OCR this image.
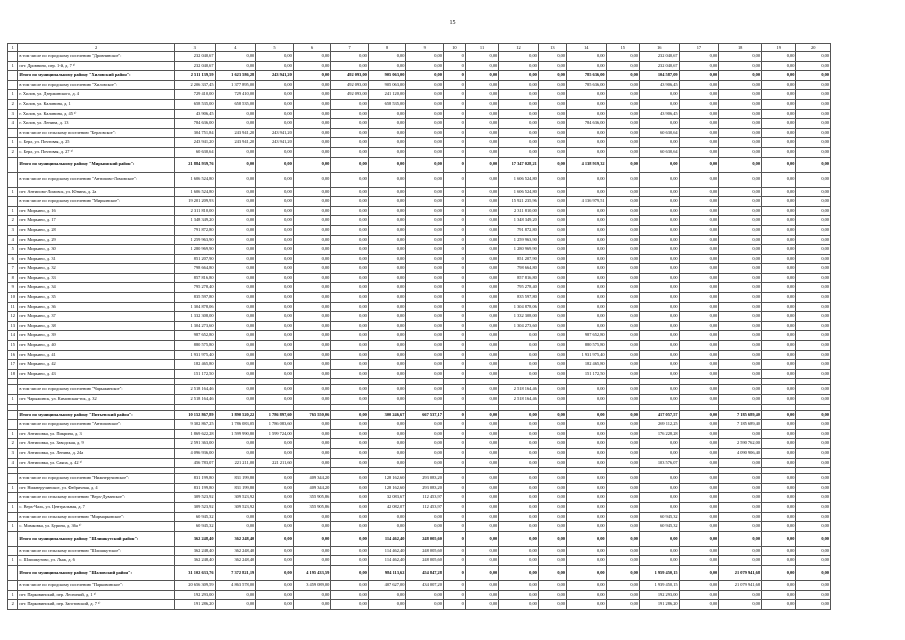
15
1	2	3	4	5	6	7	8	9	10	11	12	13	14	15	16	17	18	19	20
	в том числе по городскому поселению "Дровнинское":	232 040,67	0,00	0,00	0,00	0,00	0,00	0,00	0	0,00	0,00	0,00	0,00	0,00	232 040,67	0,00	0,00	0,00	0,00
1	пгт. Дровнино, пер. 1-й, д. 7 ¹⁾	232 040,67	0,00	0,00	0,00	0,00	0,00	0,00	0	0,00	0,00	0,00	0,00	0,00	232 040,67	0,00	0,00	0,00	0,00
	Итого по муниципальному району "Хиловский район":	2 511 139,59	1 623 586,28	243 941,20	0,00	492 093,00	905 063,00	0,00	0	0,00	0,00	0,00	785 636,00	0,00	104 587,09	0,00	0,00	0,00	0,00
	в том числе по городскому поселению "Хиловское":	2 206 337,45	1 377 895,00	0,00	0,00	492 093,00	905 063,00	0,00	0	0,00	0,00	0,00	785 636,00	0,00	43 906,45	0,00	0,00	0,00	0,00
1	г. Хилов, ул. Дзержинского, д. 4	729 410,00	729 410,00	0,00	0,00	492 093,00	241 120,00	0,00	0	0,00	0,00	0,00	0,00	0,00	0,00	0,00	0,00	0,00	0,00
2	г. Хилов, ул. Калинина, д. 1	658 535,00	658 535,00	0,00	0,00	0,00	658 535,00	0,00	0	0,00	0,00	0,00	0,00	0,00	0,00	0,00	0,00	0,00	0,00
3	г. Хилов, ул. Калинина, д. 45 ¹⁾	43 906,45	0,00	0,00	0,00	0,00	0,00	0,00	0	0,00	0,00	0,00	0,00	0,00	43 906,45	0,00	0,00	0,00	0,00
4	г. Хилов, ул. Ленина, д. 13	784 636,00	0,00	0,00	0,00	0,00	0,00	0,00	0	0,00	0,00	0,00	784 636,00	0,00	0,00	0,00	0,00	0,00	0,00
	в том числе по сельскому поселению "Берловское":	304 751,84	243 941,20	243 941,20	0,00	0,00	0,00	0,00	0	0,00	0,00	0,00	0,00	0,00	60 630,64	0,00	0,00	0,00	0,00
1	с. Берл, ул. Почтовая, д. 25	243 941,20	243 941,20	243 941,20	0,00	0,00	0,00	0,00	0	0,00	0,00	0,00	0,00	0,00	0,00	0,00	0,00	0,00	0,00
2	с. Берл, ул. Почтовая, д. 27 ¹⁾	60 630,64	0,00	0,00	0,00	0,00	0,00	0,00	0	0,00	0,00	0,00	0,00	0,00	60 630,64	0,00	0,00	0,00	0,00
	Итого по муниципальному району "Мирьинский район":	21 884 939,76	0,00	0,00	0,00	0,00	0,00	0,00	0	0,00	17 347 028,21	0,00	4 138 919,32	0,00	0,00	0,00	0,00	0,00	0,00
	в том числе по городскому поселению "Антипово-Ломовское":	1 606 524,80	0,00	0,00	0,00	0,00	0,00	0,00	0	0,00	1 606 524,80	0,00	0,00	0,00	0,00	0,00	0,00	0,00	0,00
1	пгт. Антипово-Ломовск, ул. Юнина, д. 2а	1 606 524,80	0,00	0,00	0,00	0,00	0,00	0,00	0	0,00	1 606 524,80	0,00	0,00	0,00	0,00	0,00	0,00	0,00	0,00
	в том числе по городскому поселению "Мирьинское":	19 201 209,93	0,00	0,00	0,00	0,00	0,00	0,00	0	0,00	15 921 235,96	0,00	4 136 979,51	0,00	0,00	0,00	0,00	0,00	0,00
1	пгт. Мирьино, д. 16	2 311 810,00	0,00	0,00	0,00	0,00	0,00	0,00	0	0,00	2 311 810,00	0,00	0,00	0,00	0,00	0,00	0,00	0,00	0,00
2	пгт. Мирьино, д. 17	1 348 349,20	0,00	0,00	0,00	0,00	0,00	0,00	0	0,00	1 348 349,20	0,00	0,00	0,00	0,00	0,00	0,00	0,00	0,00
3	пгт. Мирьино, д. 28	791 872,80	0,00	0,00	0,00	0,00	0,00	0,00	0	0,00	791 872,80	0,00	0,00	0,00	0,00	0,00	0,00	0,00	0,00
4	пгт. Мирьино, д. 29	1 259 963,90	0,00	0,00	0,00	0,00	0,00	0,00	0	0,00	1 259 963,90	0,00	0,00	0,00	0,00	0,00	0,00	0,00	0,00
5	пгт. Мирьино, д. 30	1 280 969,90	0,00	0,00	0,00	0,00	0,00	0,00	0	0,00	1 280 969,90	0,00	0,00	0,00	0,00	0,00	0,00	0,00	0,00
6	пгт. Мирьино, д. 31	851 207,90	0,00	0,00	0,00	0,00	0,00	0,00	0	0,00	851 207,90	0,00	0,00	0,00	0,00	0,00	0,00	0,00	0,00
7	пгт. Мирьино, д. 32	798 664,80	0,00	0,00	0,00	0,00	0,00	0,00	0	0,00	798 664,80	0,00	0,00	0,00	0,00	0,00	0,00	0,00	0,00
8	пгт. Мирьино, д. 33	857 816,80	0,00	0,00	0,00	0,00	0,00	0,00	0	0,00	857 816,80	0,00	0,00	0,00	0,00	0,00	0,00	0,00	0,00
9	пгт. Мирьино, д. 34	795 278,40	0,00	0,00	0,00	0,00	0,00	0,00	0	0,00	795 278,40	0,00	0,00	0,00	0,00	0,00	0,00	0,00	0,00
10	пгт. Мирьино, д. 35	835 597,80	0,00	0,00	0,00	0,00	0,00	0,00	0	0,00	835 597,80	0,00	0,00	0,00	0,00	0,00	0,00	0,00	0,00
11	пгт. Мирьино, д. 36	1 304 878,06	0,00	0,00	0,00	0,00	0,00	0,00	0	0,00	1 304 878,06	0,00	0,00	0,00	0,00	0,00	0,00	0,00	0,00
12	пгт. Мирьино, д. 37	1 332 308,00	0,00	0,00	0,00	0,00	0,00	0,00	0	0,00	1 332 308,00	0,00	0,00	0,00	0,00	0,00	0,00	0,00	0,00
13	пгт. Мирьино, д. 38	1 304 273,60	0,00	0,00	0,00	0,00	0,00	0,00	0	0,00	1 304 273,60	0,00	0,00	0,00	0,00	0,00	0,00	0,00	0,00
14	пгт. Мирьино, д. 39	987 652,80	0,00	0,00	0,00	0,00	0,00	0,00	0	0,00	0,00	0,00	987 652,80	0,00	0,00	0,00	0,00	0,00	0,00
15	пгт. Мирьино, д. 40	880 575,80	0,00	0,00	0,00	0,00	0,00	0,00	0	0,00	0,00	0,00	880 575,80	0,00	0,00	0,00	0,00	0,00	0,00
16	пгт. Мирьино, д. 41	1 931 975,40	0,00	0,00	0,00	0,00	0,00	0,00	0	0,00	0,00	0,00	1 931 975,40	0,00	0,00	0,00	0,00	0,00	0,00
17	пгт. Мирьино, д. 42	182 465,80	0,00	0,00	0,00	0,00	0,00	0,00	0	0,00	0,00	0,00	182 465,80	0,00	0,00	0,00	0,00	0,00	0,00
18	пгт. Мирьино, д. 43	151 172,50	0,00	0,00	0,00	0,00	0,00	0,00	0	0,00	0,00	0,00	151 172,50	0,00	0,00	0,00	0,00	0,00	0,00

	в том числе по городскому поселению "Чарыжинское":	2 518 164,46	0,00	0,00	0,00	0,00	0,00	0,00	0	0,00	2 518 164,46	0,00	0,00	0,00	0,00	0,00	0,00	0,00	0,00
1	пгт. Чарыжинск, ул. Кимовская-ток, д. 32	2 518 164,46	0,00	0,00	0,00	0,00	0,00	0,00	0	0,00	2 518 164,46	0,00	0,00	0,00	0,00	0,00	0,00	0,00	0,00

	Итого по муниципальному району "Питьевский район":	10 152 867,89	1 890 520,22	1 786 897,60	765 550,06	0,00	300 246,67	667 537,17	0	0,00	0,00	0,00	0,00	0,00	417 057,57	0,00	7 185 689,40	0,00	0,00
	в том числе по городскому поселению "Антиповское":	9 302 867,25	1 786 083,05	1 786 083,60	0,00	0,00	0,00	0,00	0	0,00	0,00	0,00	0,00	0,00	269 112,25	0,00	7 185 689,40	0,00	0,00
1	пгт. Антиповка, ул. Пикрина, д. 3	1 869 622,28	1 599 990,80	1 599 724,00	0,00	0,00	0,00	0,00	0	0,00	0,00	0,00	0,00	0,00	176 228,28	0,00	0,00	0,00	0,00
2	пгт. Антиповка, ул. Заводская, д. 9	2 591 363,00	0,00	0,00	0,00	0,00	0,00	0,00	0	0,00	0,00	0,00	0,00	0,00	0,00	0,00	2 590 762,00	0,00	0,00
3	пгт. Антиповка, ул. Ленина, д. 24а	4 096 936,00	0,00	0,00	0,00	0,00	0,00	0,00	0	0,00	0,00	0,00	0,00	0,00	0,00	0,00	4 090 906,40	0,00	0,00
4	пгт. Антиповка, ул. Саяпа, д. 42 ¹⁾	456 783,07	221 211,00	221 211,60	0,00	0,00	0,00	0,00	0	0,00	0,00	0,00	0,00	0,00	103 576,07	0,00	0,00	0,00	0,00

	в том числе по городскому поселению "Нижнеручинское":	831 199,80	831 199,80	0,00	409 344,20	0,00	128 162,60	293 083,20	0	0,00	0,00	0,00	0,00	0,00	0,00	0,00	0,00	0,00	0,00
1	пгт. Нижнеручинское, ул. Фабричная, д. 4	831 199,80	831 199,80	0,00	409 344,20	0,00	128 162,60	293 083,20	0	0,00	0,00	0,00	0,00	0,00	0,00	0,00	0,00	0,00	0,00
	в том числе по сельскому поселению "Верх-Дуванское":	309 523,92	309 523,92	0,00	355 905,86	0,00	32 083,67	112 453,97	0	0,00	0,00	0,00	0,00	0,00	0,00	0,00	0,00	0,00	0,00
1	с. Верх-Чаль, ул. Центральная, д. 7	309 523,92	309 523,92	0,00	355 905,86	0,00	42 082,07	112 453,97	0	0,00	0,00	0,00	0,00	0,00	0,00	0,00	0,00	0,00	0,00
	в том числе по сельскому поселению "Мирмарковское":	60 945,32	0,00	0,00	0,00	0,00	0,00	0,00	0	0,00	0,00	0,00	0,00	0,00	60 945,32	0,00	0,00	0,00	0,00
1	с. Мимковка, ул. Бурина, д. 36а ¹⁾	60 945,32	0,00	0,00	0,00	0,00	0,00	0,00	0	0,00	0,00	0,00	0,00	0,00	60 945,32	0,00	0,00	0,00	0,00
	Итого по муниципальному району "Шлишкутский район":	362 248,40	362 248,40	0,00	0,00	0,00	114 462,40	248 005,60	0	0,00	0,00	0,00	0,00	0,00	0,00	0,00	0,00	0,00	0,00
	в том числе по сельскому поселению "Шлишкутское":	362 248,40	362 248,40	0,00	0,00	0,00	114 462,40	248 005,60	0	0,00	0,00	0,00	0,00	0,00	0,00	0,00	0,00	0,00	0,00
1	с. Шлишкутово, ул. Лыж, д. 6	362 248,40	362 248,40	0,00	0,00	0,00	114 462,40	248 005,60	0	0,00	0,00	0,00	0,00	0,00	0,00	0,00	0,00	0,00	0,00
	Итого по муниципальному району "Шаловский район":	31 102 633,76	7 372 821,19	0,00	4 195 433,59	0,00	984 113,62	454 847,28	0	0,00	0,00	0,00	0,00	0,00	1 959 450,15	0,00	21 079 941,68	0,00	0,00
	в том числе по городскому поселению "Парковинское":	20 656 309,59	4 863 578,00	0,00	3 459 089,00	0,00	407 627,00	434 007,20	0	0,00	0,00	0,00	0,00	0,00	1 939 450,15	0,00	21 079 941,68	0,00	0,00
1	пгт. Парковинский, пер. Лесничий, д. 1 ¹⁾	192 293,00	0,00	0,00	0,00	0,00	0,00	0,00	0	0,00	0,00	0,00	0,00	0,00	192 293,00	0,00	0,00	0,00	0,00
2	пгт. Парковинский, пер. Заготовский, д. 7 ¹⁾	191 286,20	0,00	0,00	0,00	0,00	0,00	0,00	0	0,00	0,00	0,00	0,00	0,00	191 286,20	0,00	0,00	0,00	0,00
